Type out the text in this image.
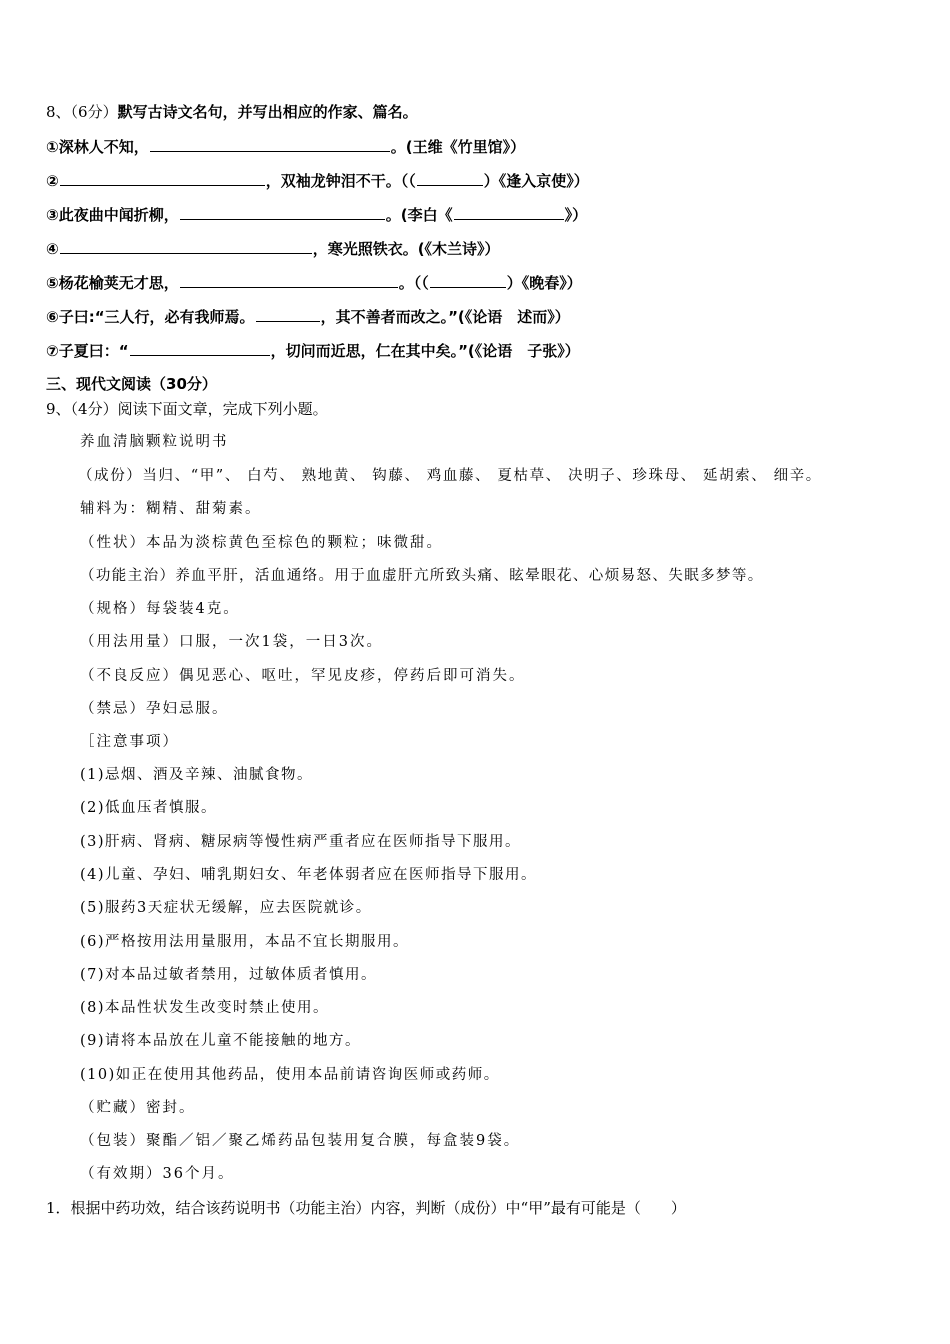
8、（6分）默写古诗文名句，并写出相应的作家、篇名。
①深林人不知，	。(王维《竹里馆》）
②	，双袖龙钟泪不干。（（	）《逢入京使》）
③此夜曲中闻折柳，	。(李白《	》）
④	，寒光照铁衣。(《木兰诗》）
⑤杨花榆荚无才思，	。（（	）《晚春》）
⑥子曰:“三人行，必有我师焉。	，其不善者而改之。”(《论语　述而》）
⑦子夏曰：“	，切问而近思，仁在其中矣。”(《论语　子张》）
三、现代文阅读（30分）
9、（4分）阅读下面文章，完成下列小题。
养血清脑颗粒说明书
（成份）当归、“甲”、 白芍、 熟地黄、 钩藤、 鸡血藤、 夏枯草、 决明子、珍珠母、 延胡索、 细辛。
辅料为：糊精、甜菊素。
（性状）本品为淡棕黄色至棕色的颗粒；味微甜。
（功能主治）养血平肝，活血通络。用于血虚肝亢所致头痛、眩晕眼花、心烦易怒、失眠多梦等。
（规格）每袋装4克。
（用法用量）口服，一次1袋，一日3次。
（不良反应）偶见恶心、呕吐，罕见皮疹，停药后即可消失。
（禁忌）孕妇忌服。
［注意事项）
(1)忌烟、酒及辛辣、油腻食物。
(2)低血压者慎服。
(3)肝病、肾病、糖尿病等慢性病严重者应在医师指导下服用。
(4)儿童、孕妇、哺乳期妇女、年老体弱者应在医师指导下服用。
(5)服药3天症状无缓解，应去医院就诊。
(6)严格按用法用量服用，本品不宜长期服用。
(7)对本品过敏者禁用，过敏体质者慎用。
(8)本品性状发生改变时禁止使用。
(9)请将本品放在儿童不能接触的地方。
(10)如正在使用其他药品，使用本品前请咨询医师或药师。
（贮藏）密封。
（包装）聚酯／铝／聚乙烯药品包装用复合膜，每盒装9袋。
（有效期）36个月。
1．根据中药功效，结合该药说明书（功能主治）内容，判断（成份）中“甲”最有可能是（　　）
